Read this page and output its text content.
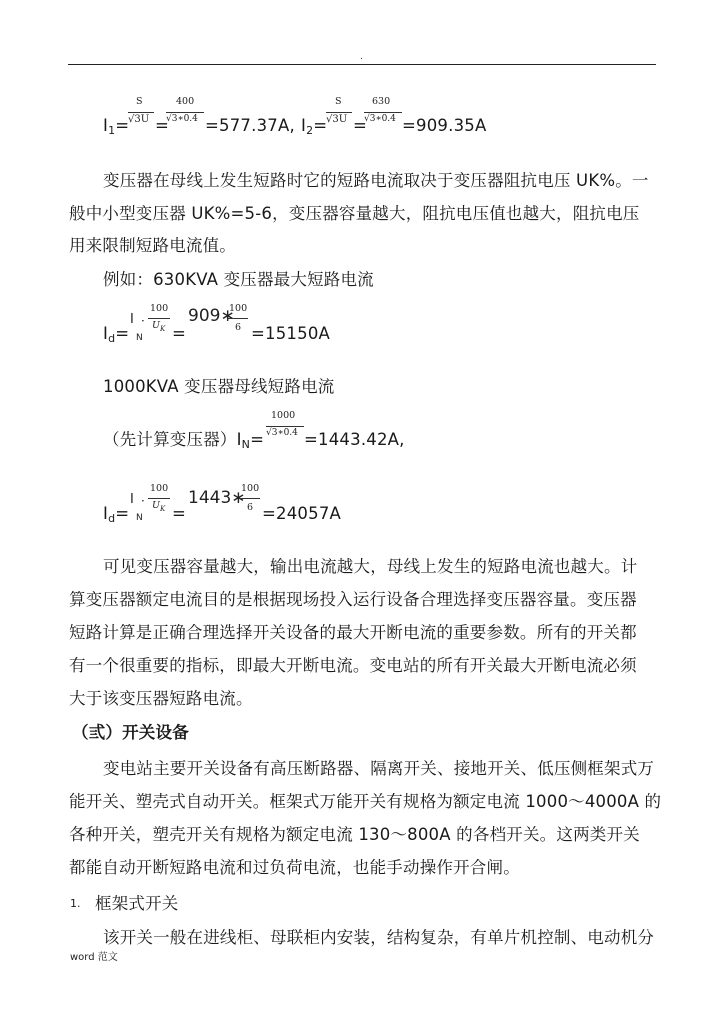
.
$I_1=$
S
√3U =
400
√3∗0.4 =577.37A, $I_2=$
S
√3U =
630
√3∗0.4 =909.35A
变压器在母线上发生短路时它的短路电流取决于变压器阻抗电压 UK%。一
般中小型变压器 UK%=5-6，变压器容量越大，阻抗电压值也越大，阻抗电压
用来限制短路电流值。
例如：630KVA 变压器最大短路电流
$I_d=$
I
N
·
100
$U_K$ =
909∗
100
6 =15150A
1000KVA 变压器母线短路电流
（先计算变压器）$I_N=$
1000
√3∗0.4 =1443.42A,
$I_d=$
I
N
·
100
$U_K$ =
1443∗
100
6 =24057A
可见变压器容量越大，输出电流越大，母线上发生的短路电流也越大。计
算变压器额定电流目的是根据现场投入运行设备合理选择变压器容量。变压器
短路计算是正确合理选择开关设备的最大开断电流的重要参数。所有的开关都
有一个很重要的指标，即最大开断电流。变电站的所有开关最大开断电流必须
大于该变压器短路电流。
（弎）开关设备
变电站主要开关设备有高压断路器、隔离开关、接地开关、低压侧框架式万
能开关、塑壳式自动开关。框架式万能开关有规格为额定电流 1000～4000A 的
各种开关，塑壳开关有规格为额定电流 130～800A 的各档开关。这两类开关
都能自动开断短路电流和过负荷电流，也能手动操作开合闸。
1. 框架式开关
该开关一般在进线柜、母联柜内安装，结构复杂，有单片机控制、电动机分
word 范文
